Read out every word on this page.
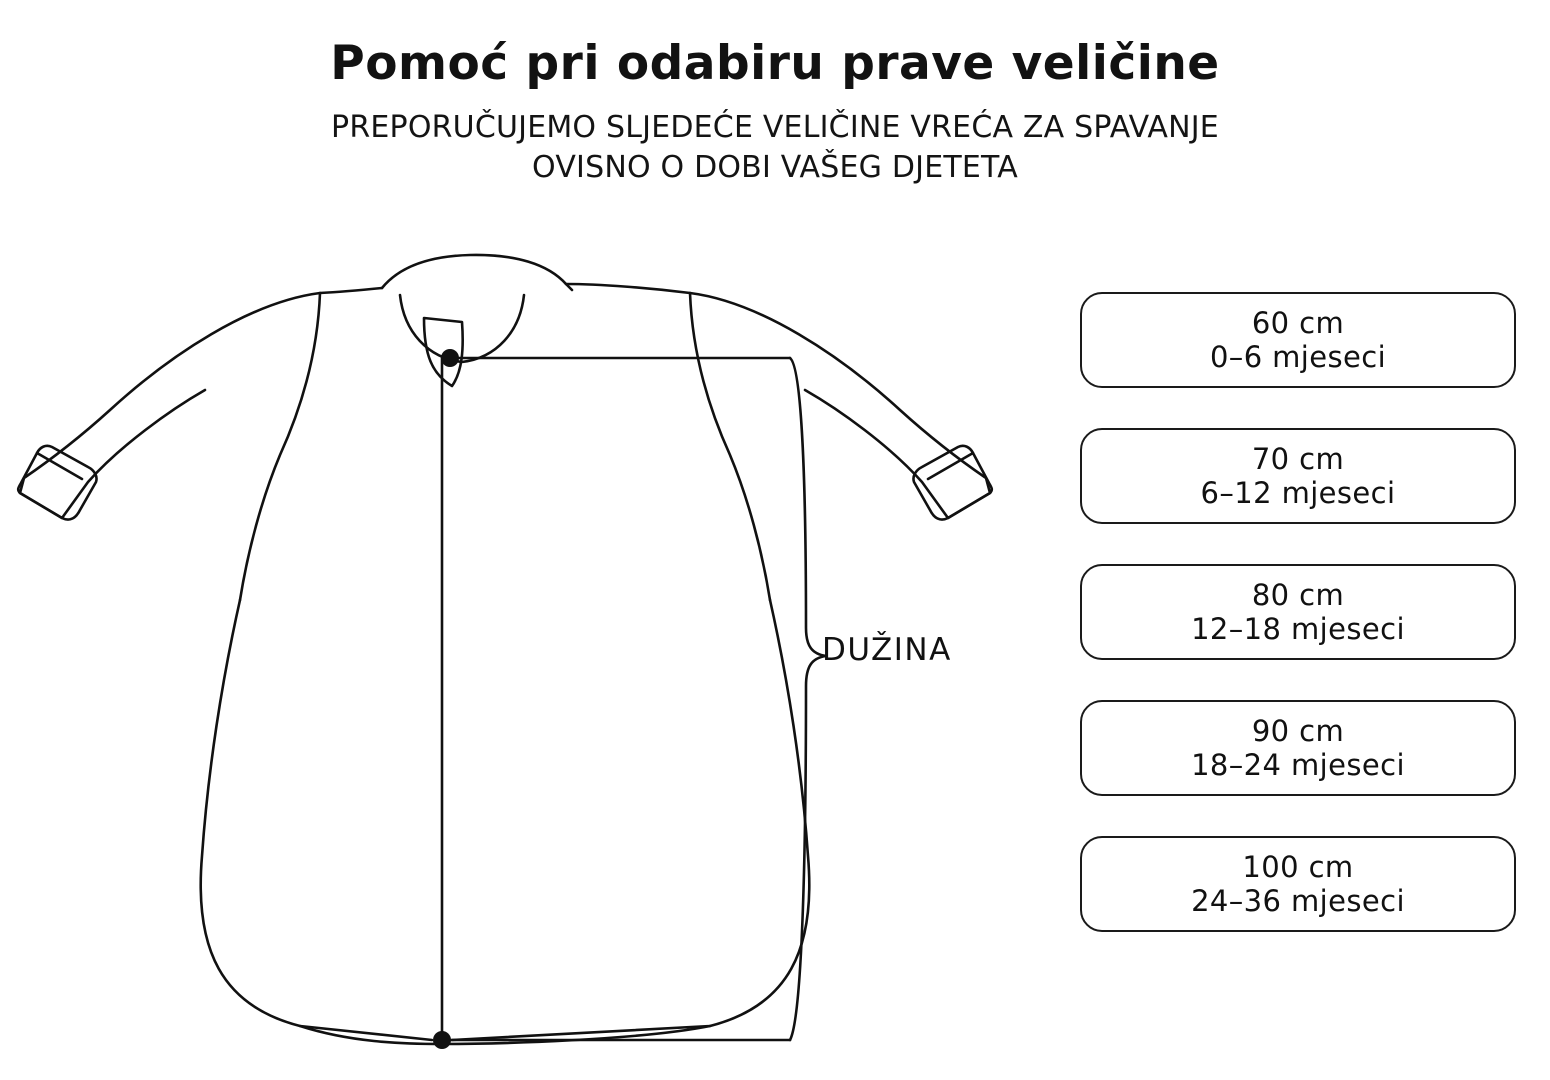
Pomoć pri odabiru prave veličine

PREPORUČUJEMO SLJEDEĆE VELIČINE VREĆA ZA SPAVANJE
OVISNO O DOBI VAŠEG DJETETA

DUŽINA
60 cm
0–6 mjeseci
70 cm
6–12 mjeseci
80 cm
12–18 mjeseci
90 cm
18–24 mjeseci
100 cm
24–36 mjeseci
